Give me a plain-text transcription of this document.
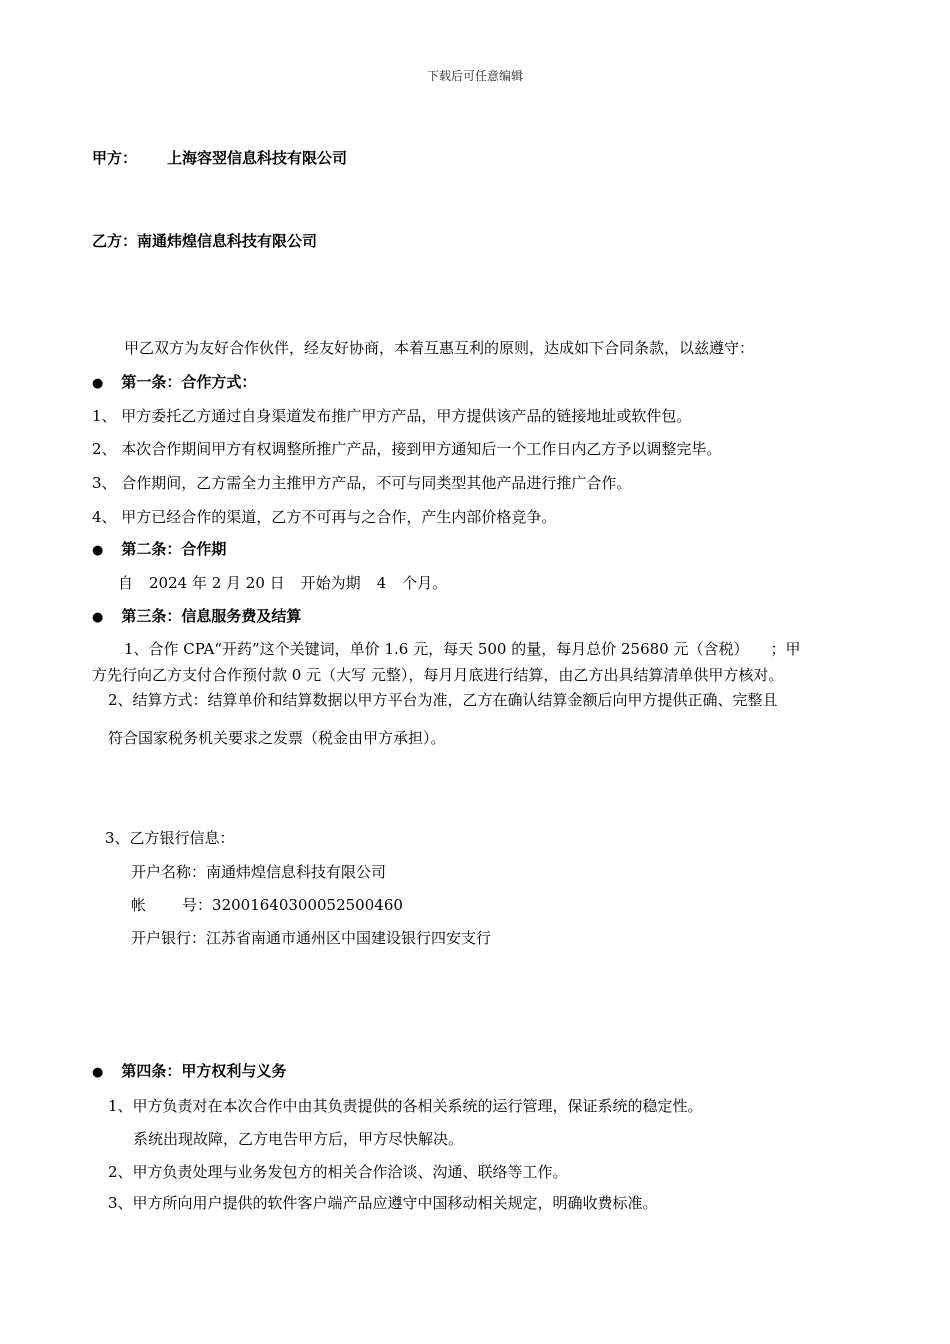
下载后可任意编辑
甲方： 上海容翌信息科技有限公司
乙方：南通炜煌信息科技有限公司
甲乙双方为友好合作伙伴，经友好协商，本着互惠互利的原则，达成如下合同条款，以兹遵守：
● 第一条：合作方式：
1、 甲方委托乙方通过自身渠道发布推广甲方产品，甲方提供该产品的链接地址或软件包。
2、 本次合作期间甲方有权调整所推广产品，接到甲方通知后一个工作日内乙方予以调整完毕。
3、 合作期间，乙方需全力主推甲方产品，不可与同类型其他产品进行推广合作。
4、 甲方已经合作的渠道，乙方不可再与之合作，产生内部价格竞争。
● 第二条：合作期
自 2024 年 2 月 20 日 开始为期 4 个月。
● 第三条：信息服务费及结算
1、合作 CPA“开药”这个关键词，单价 1.6 元，每天 500 的量，每月总价 25680 元（含税） ；甲
方先行向乙方支付合作预付款 0 元（大写 元整），每月月底进行结算，由乙方出具结算清单供甲方核对。
2、结算方式：结算单价和结算数据以甲方平台为准，乙方在确认结算金额后向甲方提供正确、完整且
符合国家税务机关要求之发票（税金由甲方承担）。
3、乙方银行信息：
开户名称：南通炜煌信息科技有限公司
帐 号：32001640300052500460
开户银行：江苏省南通市通州区中国建设银行四安支行
● 第四条：甲方权利与义务
1、甲方负责对在本次合作中由其负责提供的各相关系统的运行管理，保证系统的稳定性。
系统出现故障，乙方电告甲方后，甲方尽快解决。
2、甲方负责处理与业务发包方的相关合作洽谈、沟通、联络等工作。
3、甲方所向用户提供的软件客户端产品应遵守中国移动相关规定，明确收费标准。
